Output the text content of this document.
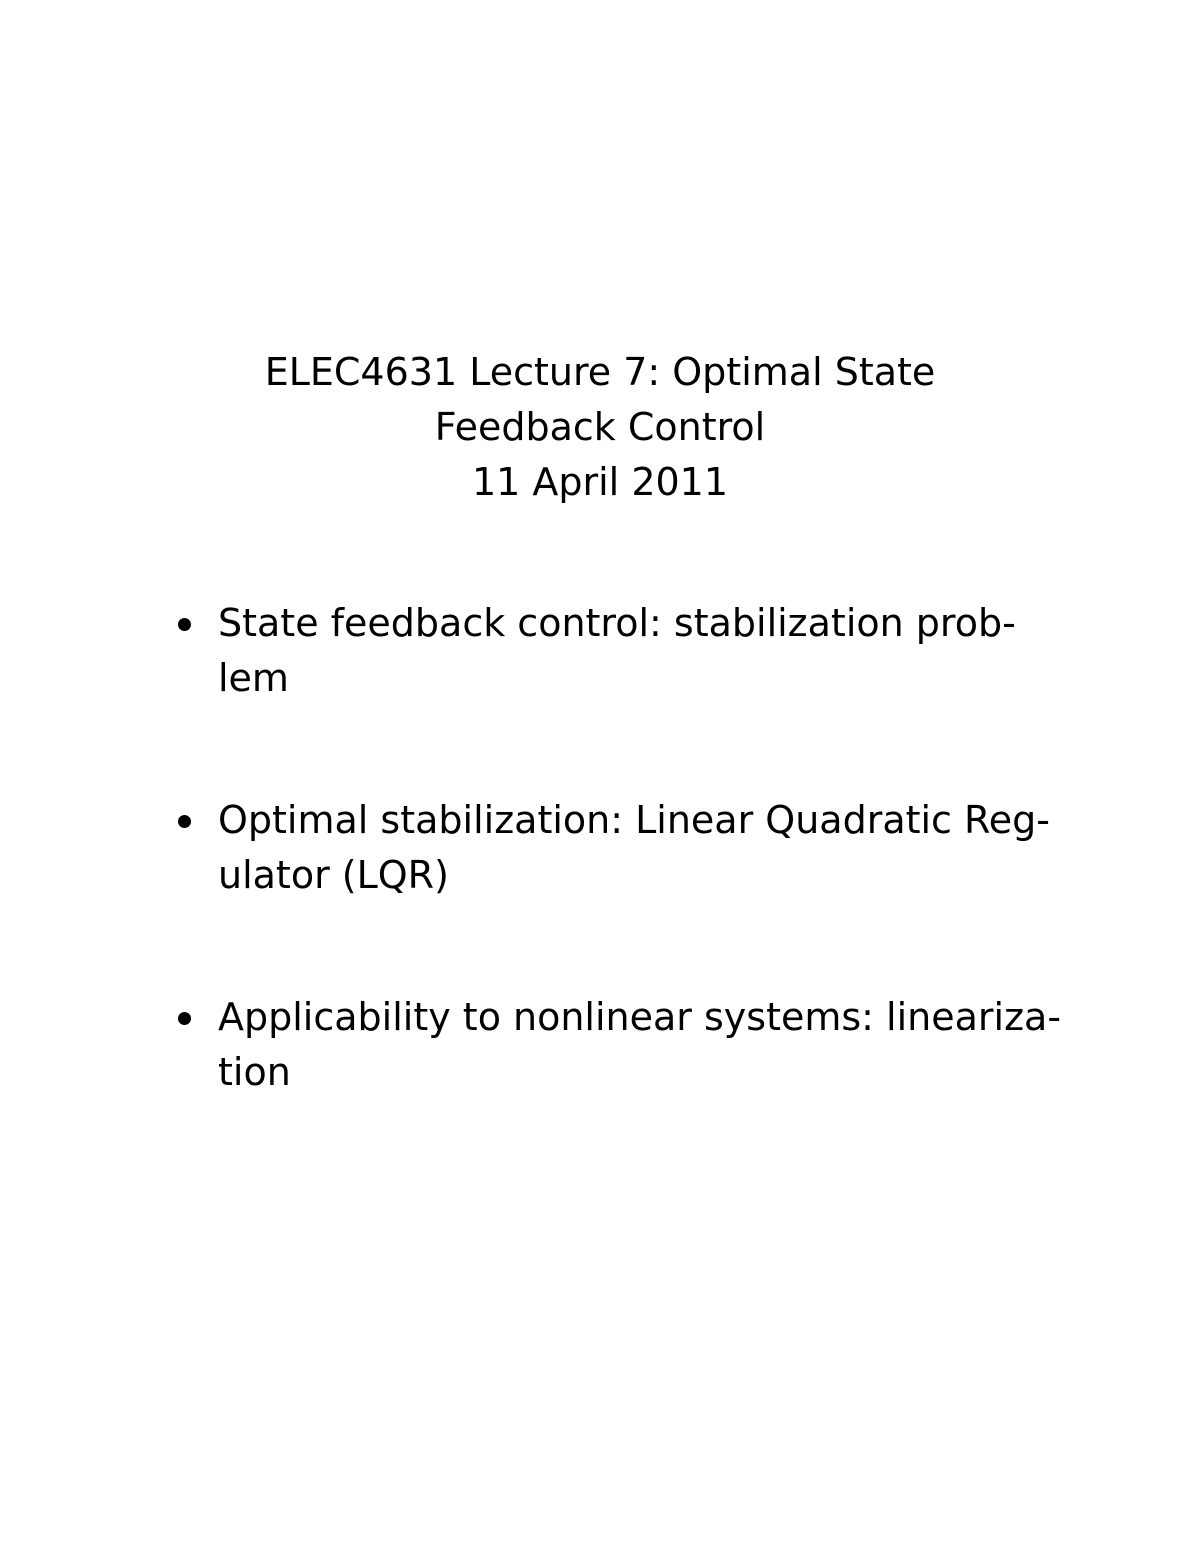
ELEC4631 Lecture 7: Optimal State
Feedback Control
11 April 2011
State feedback control: stabilization prob-
lem
Optimal stabilization: Linear Quadratic Reg-
ulator (LQR)
Applicability to nonlinear systems: lineariza-
tion
